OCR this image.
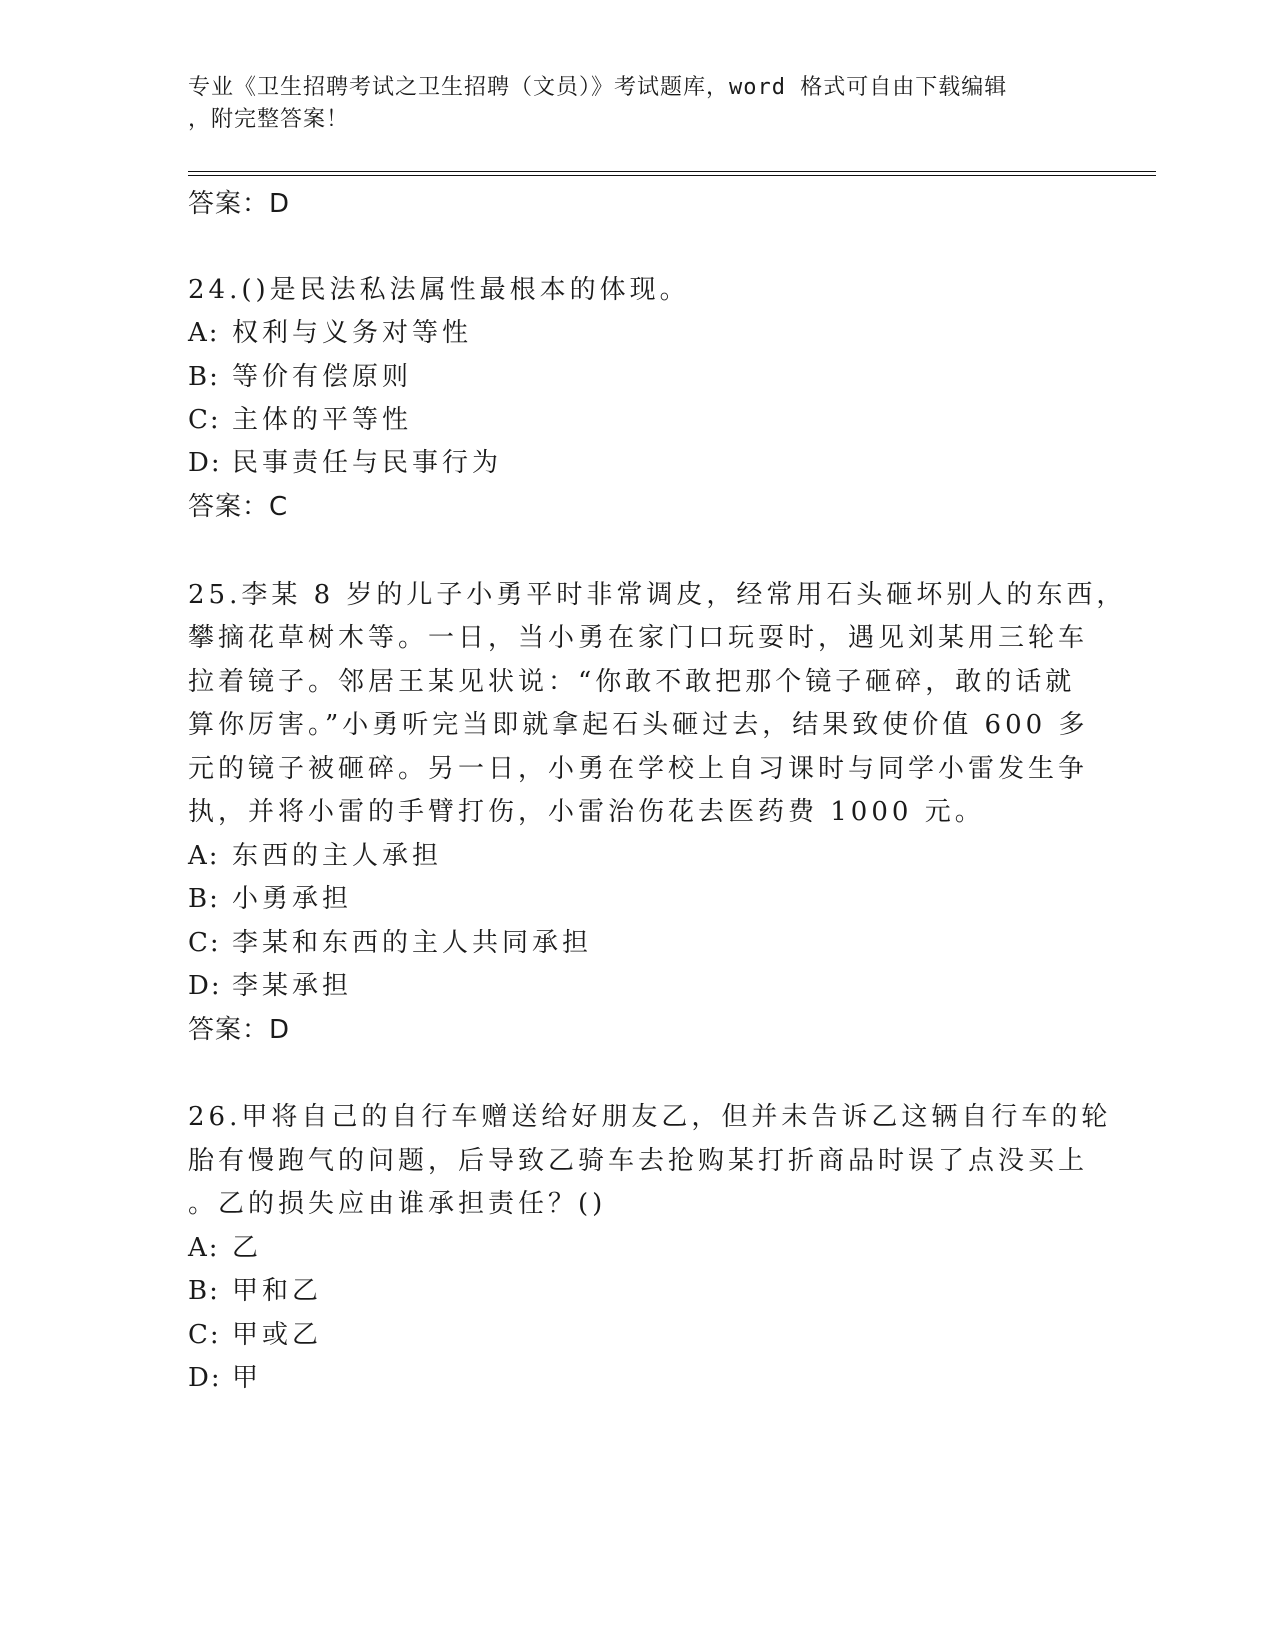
专业《卫生招聘考试之卫生招聘（文员）》考试题库，word 格式可自由下载编辑
，附完整答案！
答案：D
24.()是民法私法属性最根本的体现。
A: 权利与义务对等性
B: 等价有偿原则
C: 主体的平等性
D: 民事责任与民事行为
答案：C
25.李某 8 岁的儿子小勇平时非常调皮，经常用石头砸坏别人的东西，
攀摘花草树木等。一日，当小勇在家门口玩耍时，遇见刘某用三轮车
拉着镜子。邻居王某见状说：“你敢不敢把那个镜子砸碎，敢的话就
算你厉害。”小勇听完当即就拿起石头砸过去，结果致使价值 600 多
元的镜子被砸碎。另一日，小勇在学校上自习课时与同学小雷发生争
执，并将小雷的手臂打伤，小雷治伤花去医药费 1000 元。
A: 东西的主人承担
B: 小勇承担
C: 李某和东西的主人共同承担
D: 李某承担
答案：D
26.甲将自己的自行车赠送给好朋友乙，但并未告诉乙这辆自行车的轮
胎有慢跑气的问题，后导致乙骑车去抢购某打折商品时误了点没买上
。乙的损失应由谁承担责任？()
A: 乙
B: 甲和乙
C: 甲或乙
D: 甲
